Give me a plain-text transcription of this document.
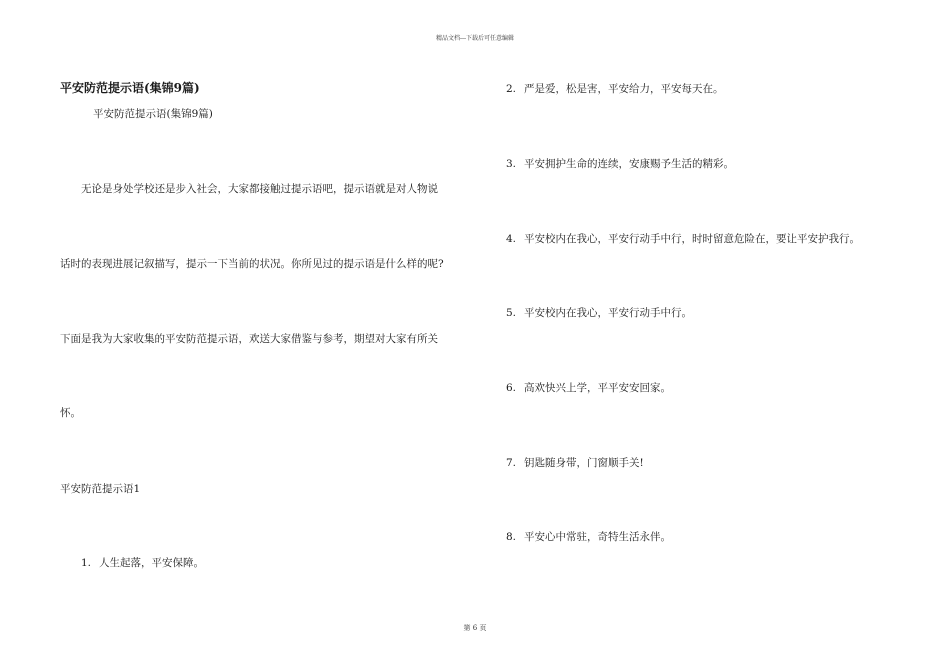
精品文档---下载后可任意编辑
平安防范提示语(集锦9篇)
平安防范提示语(集锦9篇)
无论是身处学校还是步入社会，大家都接触过提示语吧，提示语就是对人物说
话时的表现进展记叙描写，提示一下当前的状况。你所见过的提示语是什么样的呢?
下面是我为大家收集的平安防范提示语，欢送大家借鉴与参考，期望对大家有所关
怀。
平安防范提示语1
1. 人生起落，平安保障。
2. 严是爱，松是害，平安给力，平安每天在。
3. 平安拥护生命的连续，安康赐予生活的精彩。
4. 平安校内在我心，平安行动手中行，时时留意危险在，要让平安护我行。
5. 平安校内在我心，平安行动手中行。
6. 高欢快兴上学，平平安安回家。
7. 钥匙随身带，门窗顺手关!
8. 平安心中常驻，奇特生活永伴。
第 6 页
